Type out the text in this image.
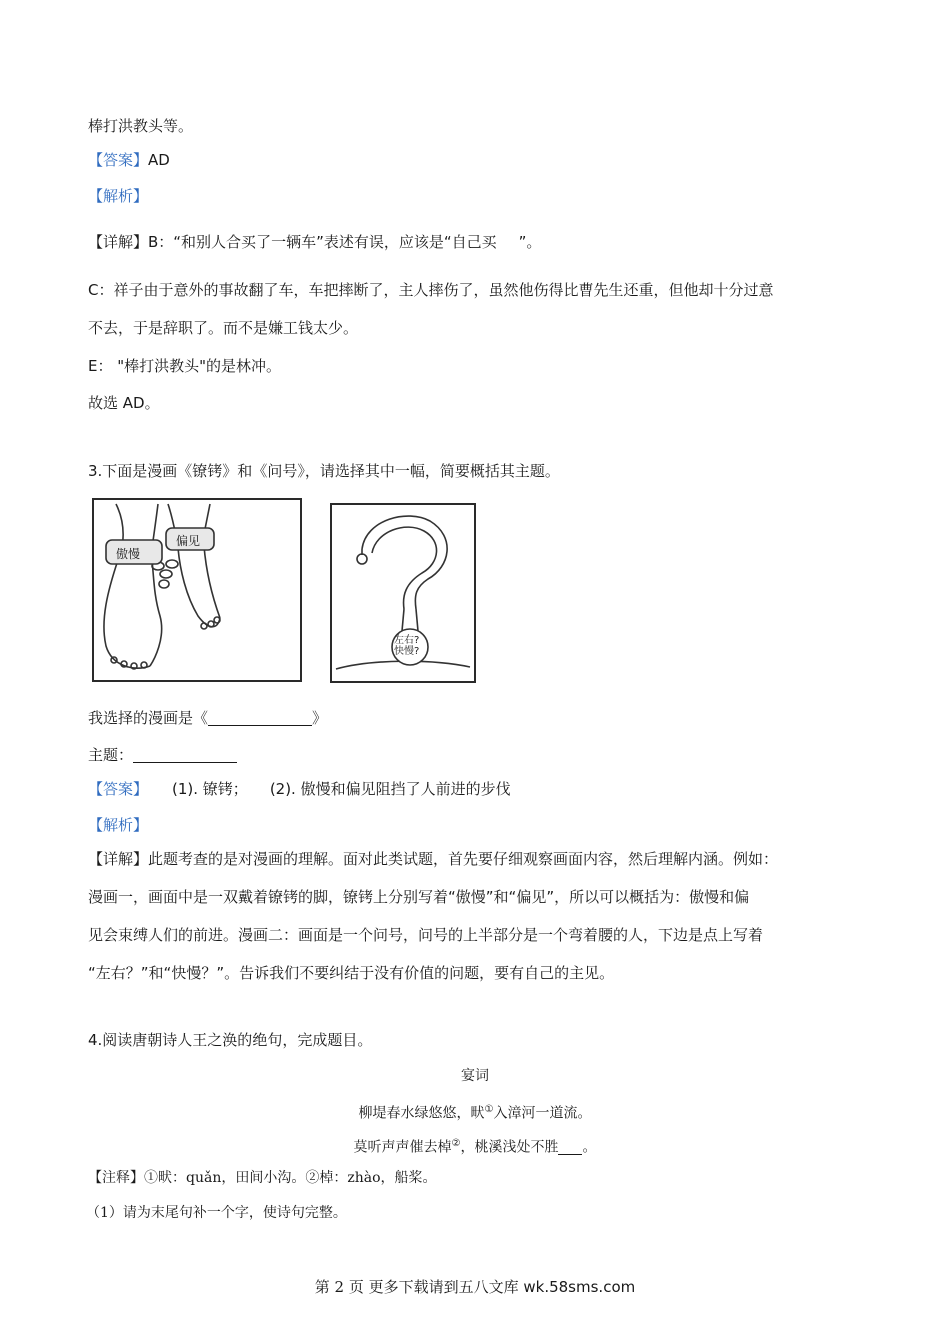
棒打洪教头等。
【答案】AD
【解析】
【详解】B：“和别人合买了一辆车”表述有误，应该是“自己买 ”。
C：祥子由于意外的事故翻了车，车把摔断了，主人摔伤了，虽然他伤得比曹先生还重，但他却十分过意
不去，于是辞职了。而不是嫌工钱太少。
E： "棒打洪教头"的是林冲。
故选 AD。
3.下面是漫画《镣铐》和《问号》，请选择其中一幅，简要概括其主题。
傲慢
偏见
左右?
快慢?
我选择的漫画是《	》
主题：
【答案】 (1). 镣铐； (2). 傲慢和偏见阻挡了人前进的步伐
【解析】
【详解】此题考查的是对漫画的理解。面对此类试题，首先要仔细观察画面内容，然后理解内涵。例如：
漫画一，画面中是一双戴着镣铐的脚，镣铐上分别写着“傲慢”和“偏见”，所以可以概括为：傲慢和偏
见会束缚人们的前进。漫画二：画面是一个问号，问号的上半部分是一个弯着腰的人，下边是点上写着
“左右？”和“快慢？”。告诉我们不要纠结于没有价值的问题，要有自己的主见。
4.阅读唐朝诗人王之涣的绝句，完成题目。
宴词
柳堤春水绿悠悠，畎①入漳河一道流。
莫听声声催去棹②，桃溪浅处不胜 。
【注释】①畎：quǎn，田间小沟。②棹：zhào，船桨。
（1）请为末尾句补一个字，使诗句完整。
第 2 页 更多下载请到五八文库 wk.58sms.com
